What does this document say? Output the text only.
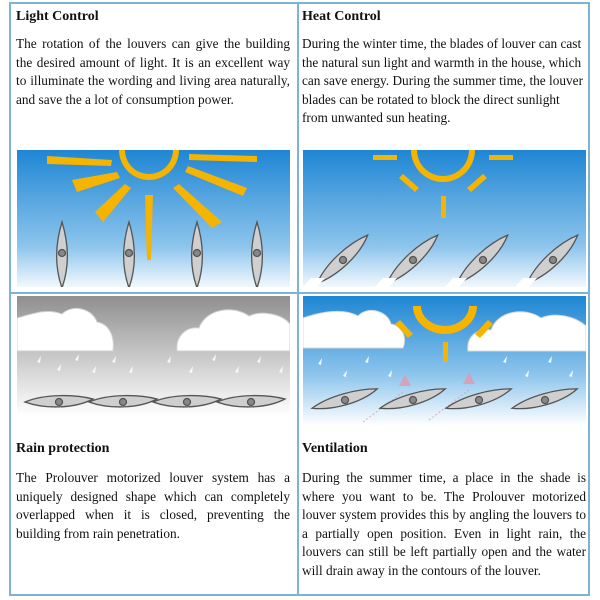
Light Control

The rotation of the louvers can give the building the desired amount of light. It is an excellent way to illuminate the wording and living area naturally, and save the a lot of consumption power.

Heat Control

During the winter time, the blades of louver can cast the natural sun light and warmth in the house, which can save energy. During the summer time, the louver blades can be rotated to block the direct sunlight from unwanted sun heating.

Rain protection

The Prolouver motorized louver system has a uniquely designed shape which can completely overlapped when it is closed, preventing the building from rain penetration.

Ventilation

During the summer time, a place in the shade is where you want to be. The Prolouver motorized louver system provides this by angling the louvers to a partially open position. Even in light rain, the louvers can still be left partially open and the water will drain away in the contours of the louver.
